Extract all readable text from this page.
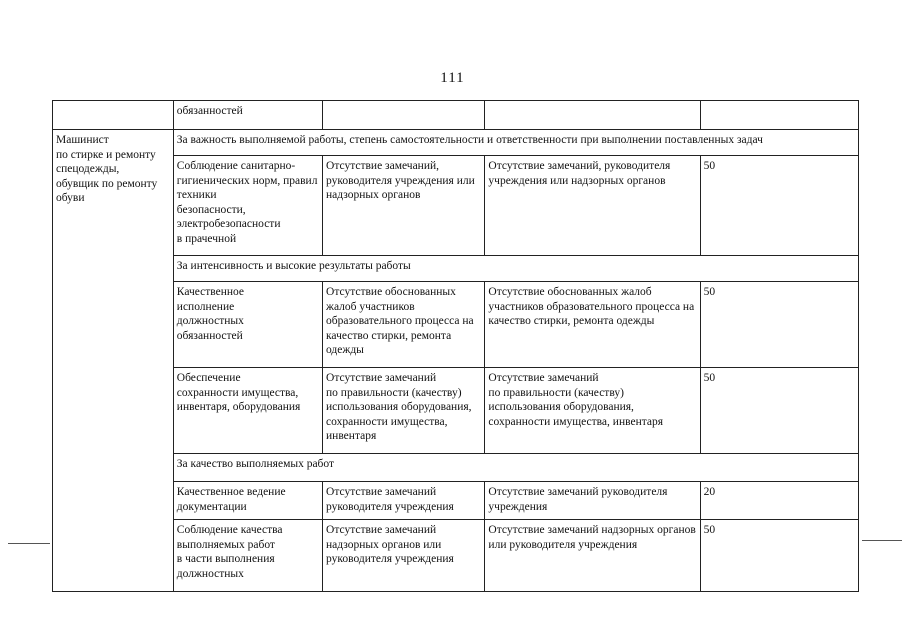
111
	обязанностей			
Машинист
по стирке и ремонту спецодежды,
обувщик по ремонту обуви	За важность выполняемой работы, степень самостоятельности и ответственности при выполнении поставленных задач			
	Соблюдение санитарно-гигиенических норм, правил техники
безопасности, электробезопасности
в прачечной	Отсутствие замечаний, руководителя учреждения или надзорных органов	Отсутствие замечаний, руководителя учреждения или надзорных органов	50
	За интенсивность и высокие результаты работы			
	Качественное
исполнение
должностных
обязанностей	Отсутствие обоснованных жалоб участников образовательного процесса на качество стирки, ремонта одежды	Отсутствие обоснованных жалоб участников образовательного процесса на качество стирки, ремонта одежды	50
	Обеспечение
сохранности имущества, инвентаря, оборудования	Отсутствие замечаний
по правильности (качеству) использования оборудования, сохранности имущества, инвентаря	Отсутствие замечаний
по правильности (качеству) использования оборудования, сохранности имущества, инвентаря	50
	За качество выполняемых работ			
	Качественное ведение документации	Отсутствие замечаний руководителя учреждения	Отсутствие замечаний руководителя учреждения	20
	Соблюдение качества выполняемых работ
в части выполнения должностных	Отсутствие замечаний надзорных органов или руководителя учреждения	Отсутствие замечаний надзорных органов или руководителя учреждения	50
